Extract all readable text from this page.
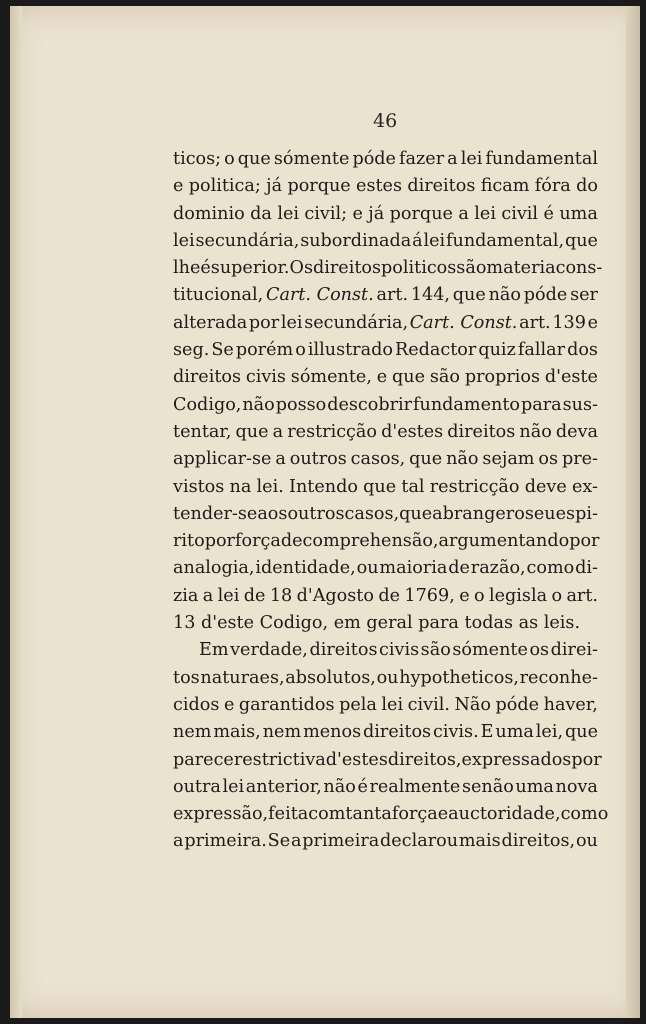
46
ticos; o que sómente póde fazer a lei fundamental
e politica; já porque estes direitos ficam fóra do
dominio da lei civil; e já porque a lei civil é uma
lei secundária, subordinada á lei fundamental, que
lhe é superior. Os direitos politicos são materia cons-
titucional, Cart. Const. art. 144, que não póde ser
alterada por lei secundária, Cart. Const. art. 139 e
seg. Se porém o illustrado Redactor quiz fallar dos
direitos civis sómente, e que são proprios d'este
Codigo, não posso descobrir fundamento para sus-
tentar, que a restricção d'estes direitos não deva
applicar-se a outros casos, que não sejam os pre-
vistos na lei. Intendo que tal restricção deve ex-
tender-se aos outros casos, que abranger o seu espi-
rito por força de comprehensão, argumentando por
analogia, identidade, ou maioria de razão, como di-
zia a lei de 18 d'Agosto de 1769, e o legisla o art.
13 d'este Codigo, em geral para todas as leis.
Em verdade, direitos civis são sómente os direi-
tos naturaes, absolutos, ou hypotheticos, reconhe-
cidos e garantidos pela lei civil. Não póde haver,
nem mais, nem menos direitos civis. E uma lei, que
parece restrictiva d'estes direitos, expressados por
outra lei anterior, não é realmente senão uma nova
expressão, feita com tanta força e auctoridade, como
a primeira. Se a primeira declarou mais direitos, ou
